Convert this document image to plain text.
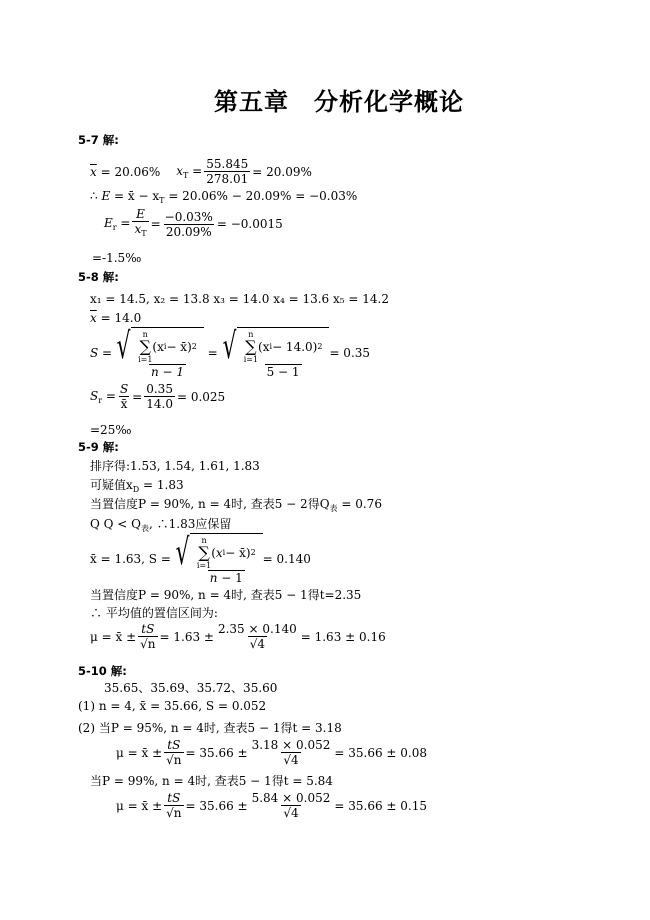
第五章　分析化学概论
5-7 解:
$\overline{x}$
= 20.06% $x_T = \frac{55.845}{278.01} = 20.09\%$
∴ E = x̄ − $x_T = 20.06\% - 20.09\% = -0.03\%$
$E_r = \frac{E}{x_T} = \frac{-0.03\%}{20.09\%} = -0.0015$
=-1.5‰
5-8 解:
x₁ = 14.5, x₂ = 13.8 x₃ = 14.0 x₄ = 13.6 x₅ = 14.2
$\overline{x} = 14.0$
S = √ n
∑
i=1
(x i − x̄) 2
n − 1 = √ n
∑
i=1
(x i − 14.0) 2
5 − 1 = 0.35
$S_r = \frac{S}{x̄} = \frac{0.35}{14.0} = 0.025$
=25‰
5-9 解:
排序得:1.53, 1.54, 1.61, 1.83
可疑值$x_D = 1.83$
当置信度P = 90%, n = 4时, 查表5 − 2得$Q_表 = 0.76$
Q $Q < Q_表$, ∴1.83应保留
x̄ = 1.63, S = √ n
∑
i=1
( x i − x̄) 2
n − 1 = 0.140
当置信度P = 90%, n = 4时, 查表5 − 1得t=2.35
∴ 平均值的置信区间为:
μ = x̄ ± $\frac{tS}{√n} = 1.63 \pm \frac{2.35 \times 0.140}{√4} = 1.63 \pm 0.16$
5-10 解:
35.65、35.69、35.72、35.60
(1) n = 4, x̄ = 35.66, S = 0.052
(2) 当P = 95%, n = 4时, 查表5 − 1得t = 3.18
μ = x̄ ± $\frac{tS}{√n} = 35.66 \pm \frac{3.18 \times 0.052}{√4} = 35.66 \pm 0.08$
当P = 99%, n = 4时, 查表5 − 1得t = 5.84
μ = x̄ ± $\frac{tS}{√n} = 35.66 \pm \frac{5.84 \times 0.052}{√4} = 35.66 \pm 0.15$
